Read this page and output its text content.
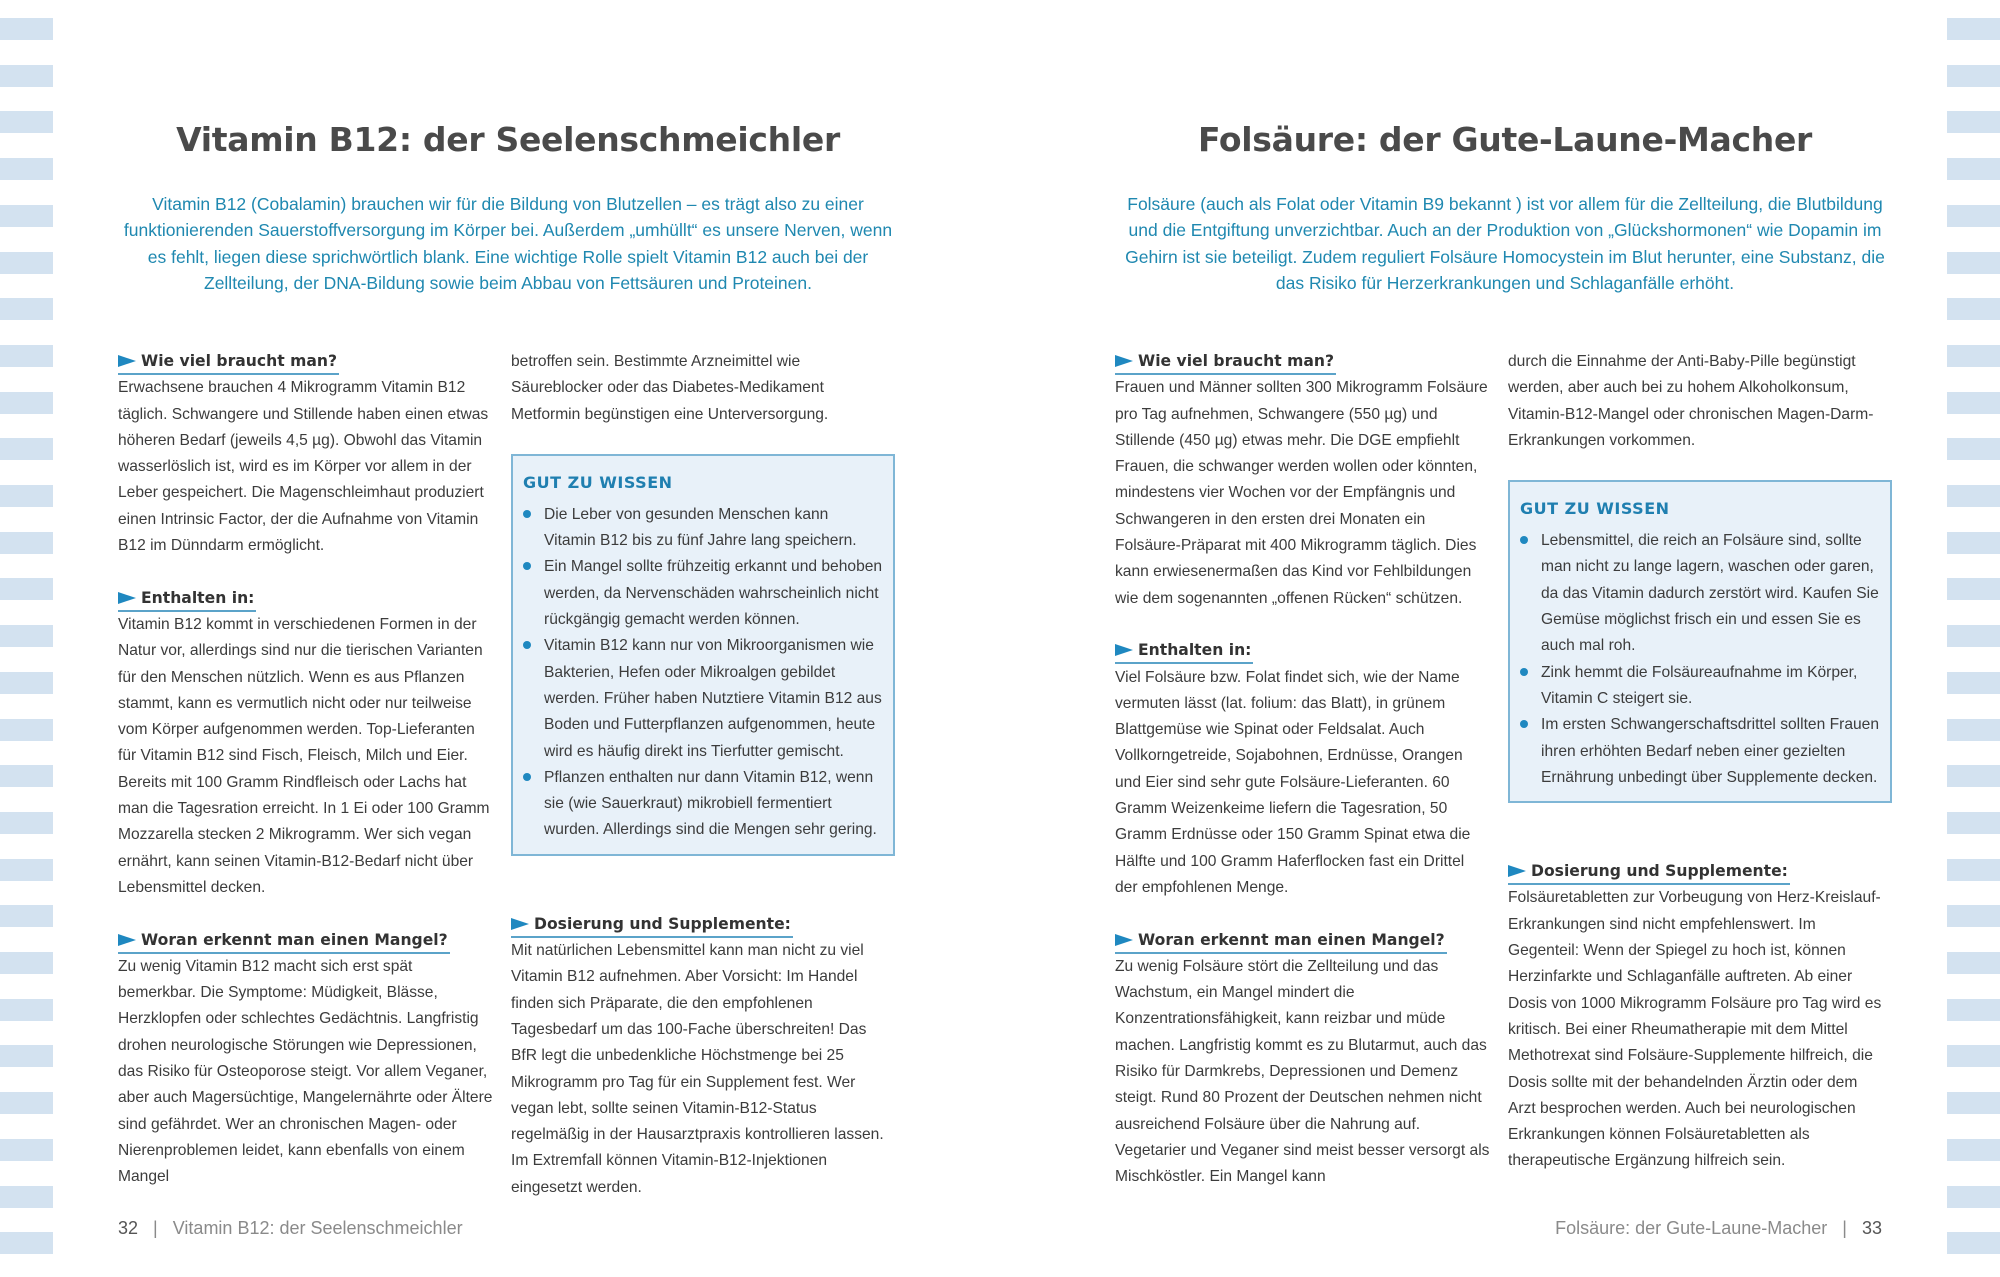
Vitamin B12: der Seelenschmeichler
Vitamin B12 (Cobalamin) brauchen wir für die Bildung von Blutzellen – es trägt also zu einer funktionierenden Sauerstoffversorgung im Körper bei. Außerdem „umhüllt“ es unsere Nerven, wenn es fehlt, liegen diese sprichwörtlich blank. Eine wichtige Rolle spielt Vitamin B12 auch bei der Zellteilung, der DNA-Bildung sowie beim Abbau von Fettsäuren und Proteinen.
Wie viel braucht man?

Erwachsene brauchen 4 Mikrogramm Vitamin B12 täglich. Schwangere und Stillende haben einen etwas höheren Bedarf (jeweils 4,5 µg). Obwohl das Vitamin wasserlöslich ist, wird es im Körper vor allem in der Leber gespeichert. Die Magenschleimhaut produziert einen Intrinsic Factor, der die Aufnahme von Vitamin B12 im Dünndarm ermöglicht.

Enthalten in:

Vitamin B12 kommt in verschiedenen Formen in der Natur vor, allerdings sind nur die tierischen Varianten für den Menschen nützlich. Wenn es aus Pflanzen stammt, kann es vermutlich nicht oder nur teilweise vom Körper aufgenommen werden. Top-Lieferanten für Vitamin B12 sind Fisch, Fleisch, Milch und Eier. Bereits mit 100 Gramm Rindfleisch oder Lachs hat man die Tagesration erreicht. In 1 Ei oder 100 Gramm Mozzarella stecken 2 Mikrogramm. Wer sich vegan ernährt, kann seinen Vitamin-B12-Bedarf nicht über Lebensmittel decken.

Woran erkennt man einen Mangel?

Zu wenig Vitamin B12 macht sich erst spät bemerkbar. Die Symptome: Müdigkeit, Blässe, Herzklopfen oder schlechtes Gedächtnis. Langfristig drohen neurologische Störungen wie Depressionen, das Risiko für Osteoporose steigt. Vor allem Veganer, aber auch Magersüchtige, Mangelernährte oder Ältere sind gefährdet. Wer an chronischen Magen- oder Nierenproblemen leidet, kann ebenfalls von einem Mangel

betroffen sein. Bestimmte Arzneimittel wie Säureblocker oder das Diabetes-Medikament Metformin begünstigen eine Unterversorgung.

GUT ZU WISSEN
Die Leber von gesunden Menschen kann Vitamin B12 bis zu fünf Jahre lang speichern.
Ein Mangel sollte frühzeitig erkannt und behoben werden, da Nervenschäden wahrscheinlich nicht rückgängig gemacht werden können.
Vitamin B12 kann nur von Mikroorganismen wie Bakterien, Hefen oder Mikroalgen gebildet werden. Früher haben Nutztiere Vitamin B12 aus Boden und Futterpflanzen aufgenommen, heute wird es häufig direkt ins Tierfutter gemischt.
Pflanzen enthalten nur dann Vitamin B12, wenn sie (wie Sauerkraut) mikrobiell fermentiert wurden. Allerdings sind die Mengen sehr gering.
Dosierung und Supplemente:

Mit natürlichen Lebensmittel kann man nicht zu viel Vitamin B12 aufnehmen. Aber Vorsicht: Im Handel finden sich Präparate, die den empfohlenen Tagesbedarf um das 100-Fache überschreiten! Das BfR legt die unbedenkliche Höchstmenge bei 25 Mikrogramm pro Tag für ein Supplement fest. Wer vegan lebt, sollte seinen Vitamin-B12-Status regelmäßig in der Hausarztpraxis kontrollieren lassen. Im Extremfall können Vitamin-B12-Injektionen eingesetzt werden.

Folsäure: der Gute-Laune-Macher
Folsäure (auch als Folat oder Vitamin B9 bekannt ) ist vor allem für die Zellteilung, die Blutbildung und die Entgiftung unverzichtbar. Auch an der Produktion von „Glückshormonen“ wie Dopamin im Gehirn ist sie beteiligt. Zudem reguliert Folsäure Homocystein im Blut herunter, eine Substanz, die das Risiko für Herzerkrankungen und Schlaganfälle erhöht.
Wie viel braucht man?

Frauen und Männer sollten 300 Mikrogramm Folsäure pro Tag aufnehmen, Schwangere (550 µg) und Stillende (450 µg) etwas mehr. Die DGE empfiehlt Frauen, die schwanger werden wollen oder könnten, mindestens vier Wochen vor der Empfängnis und Schwangeren in den ersten drei Monaten ein Folsäure-Präparat mit 400 Mikrogramm täglich. Dies kann erwiesenermaßen das Kind vor Fehlbildungen wie dem sogenannten „offenen Rücken“ schützen.

Enthalten in:

Viel Folsäure bzw. Folat findet sich, wie der Name vermuten lässt (lat. folium: das Blatt), in grünem Blattgemüse wie Spinat oder Feldsalat. Auch Vollkorngetreide, Sojabohnen, Erdnüsse, Orangen und Eier sind sehr gute Folsäure-Lieferanten. 60 Gramm Weizenkeime liefern die Tagesration, 50 Gramm Erdnüsse oder 150 Gramm Spinat etwa die Hälfte und 100 Gramm Haferflocken fast ein Drittel der empfohlenen Menge.

Woran erkennt man einen Mangel?

Zu wenig Folsäure stört die Zellteilung und das Wachstum, ein Mangel mindert die Konzentrationsfähigkeit, kann reizbar und müde machen. Langfristig kommt es zu Blutarmut, auch das Risiko für Darmkrebs, Depressionen und Demenz steigt. Rund 80 Prozent der Deutschen nehmen nicht ausreichend Folsäure über die Nahrung auf. Vegetarier und Veganer sind meist besser versorgt als Mischköstler. Ein Mangel kann

durch die Einnahme der Anti-Baby-Pille begünstigt werden, aber auch bei zu hohem Alkoholkonsum, Vitamin-B12-Mangel oder chronischen Magen-Darm-Erkrankungen vorkommen.

GUT ZU WISSEN
Lebensmittel, die reich an Folsäure sind, sollte man nicht zu lange lagern, waschen oder garen, da das Vitamin dadurch zerstört wird. Kaufen Sie Gemüse möglichst frisch ein und essen Sie es auch mal roh.
Zink hemmt die Folsäureaufnahme im Körper, Vitamin C steigert sie.
Im ersten Schwangerschaftsdrittel sollten Frauen ihren erhöhten Bedarf neben einer gezielten Ernährung unbedingt über Supplemente decken.
Dosierung und Supplemente:

Folsäuretabletten zur Vorbeugung von Herz-Kreislauf-Erkrankungen sind nicht empfehlenswert. Im Gegenteil: Wenn der Spiegel zu hoch ist, können Herzinfarkte und Schlaganfälle auftreten. Ab einer Dosis von 1000 Mikrogramm Folsäure pro Tag wird es kritisch. Bei einer Rheumatherapie mit dem Mittel Methotrexat sind Folsäure-Supplemente hilfreich, die Dosis sollte mit der behandelnden Ärztin oder dem Arzt besprochen werden. Auch bei neurologischen Erkrankungen können Folsäuretabletten als therapeutische Ergänzung hilfreich sein.

32 | Vitamin B12: der Seelenschmeichler	Folsäure: der Gute-Laune-Macher | 33
